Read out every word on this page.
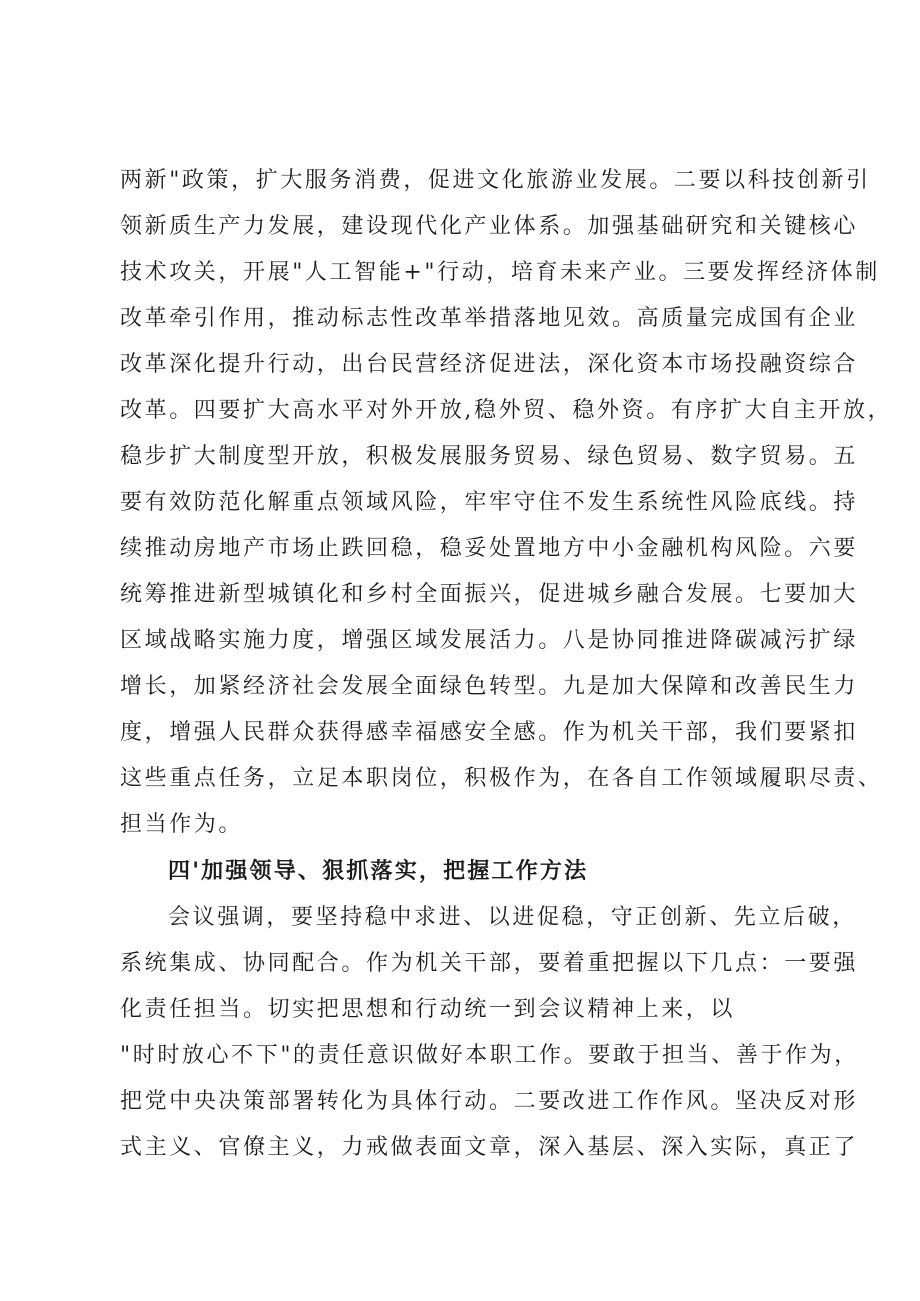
两新"政策，扩大服务消费，促进文化旅游业发展。二要以科技创新引

领新质生产力发展，建设现代化产业体系。加强基础研究和关键核心

技术攻关，开展"人工智能+"行动，培育未来产业。三要发挥经济体制

改革牵引作用，推动标志性改革举措落地见效。高质量完成国有企业

改革深化提升行动，出台民营经济促进法，深化资本市场投融资综合

改革。四要扩大高水平对外开放,稳外贸、稳外资。有序扩大自主开放，

稳步扩大制度型开放，积极发展服务贸易、绿色贸易、数字贸易。五

要有效防范化解重点领域风险，牢牢守住不发生系统性风险底线。持

续推动房地产市场止跌回稳，稳妥处置地方中小金融机构风险。六要

统筹推进新型城镇化和乡村全面振兴，促进城乡融合发展。七要加大

区域战略实施力度，增强区域发展活力。八是协同推进降碳减污扩绿

增长，加紧经济社会发展全面绿色转型。九是加大保障和改善民生力

度，增强人民群众获得感幸福感安全感。作为机关干部，我们要紧扣

这些重点任务，立足本职岗位，积极作为，在各自工作领域履职尽责、

担当作为。

四'加强领导、狠抓落实，把握工作方法

会议强调，要坚持稳中求进、以进促稳，守正创新、先立后破，

系统集成、协同配合。作为机关干部，要着重把握以下几点：一要强

化责任担当。切实把思想和行动统一到会议精神上来，以

"时时放心不下"的责任意识做好本职工作。要敢于担当、善于作为，

把党中央决策部署转化为具体行动。二要改进工作作风。坚决反对形

式主义、官僚主义，力戒做表面文章，深入基层、深入实际，真正了
